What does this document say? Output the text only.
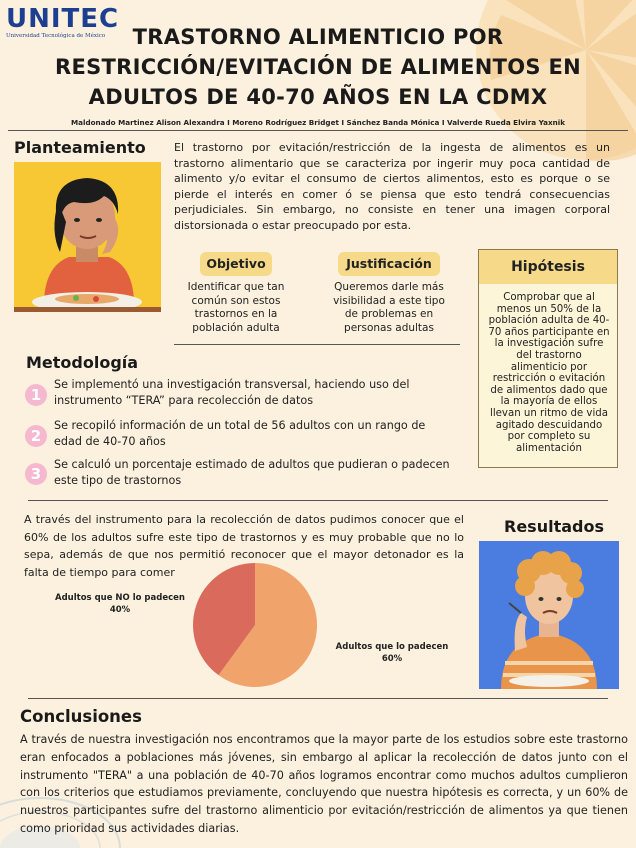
UNITEC
Universidad Tecnológica de México	TRASTORNO ALIMENTICIO POR
RESTRICCIÓN/EVITACIÓN DE ALIMENTOS EN
ADULTOS DE 40-70 AÑOS EN LA CDMX
Maldonado Martinez Alison Alexandra I Moreno Rodríguez Bridget I Sánchez Banda Mónica I Valverde Rueda Elvira Yaxnik
Planteamiento	El trastorno por evitación/restricción de la ingesta de alimentos es un trastorno alimentario que se caracteriza por ingerir muy poca cantidad de alimento y/o evitar el consumo de ciertos alimentos, esto es porque o se pierde el interés en comer ó se piensa que esto tendrá consecuencias perjudiciales. Sin embargo, no consiste en tener una imagen corporal distorsionada o estar preocupado por esta.
Objetivo
Identificar que tan común son estos trastornos en la población adulta
Justificación
Queremos darle más visibilidad a este tipo de problemas en personas adultas
Hipótesis
Comprobar que al menos un 50% de la población adulta de 40-70 años participante en la investigación sufre del trastorno alimenticio por restricción o evitación de alimentos dado que la mayoría de ellos llevan un ritmo de vida agitado descuidando por completo su alimentación
Metodología
1
Se implementó una investigación transversal, haciendo uso del instrumento “TERA” para recolección de datos
2
Se recopiló información de un total de 56 adultos con un rango de edad de 40-70 años
3
Se calculó un porcentaje estimado de adultos que pudieran o padecen este tipo de trastornos
A través del instrumento para la recolección de datos pudimos conocer que el 60% de los adultos sufre este tipo de trastornos y es muy probable que no lo sepa, además de que nos permitió reconocer que el mayor detonador es la falta de tiempo para comer
Resultados
Adultos que NO lo padecen
40%
Adultos que lo padecen
60%
Conclusiones
A través de nuestra investigación nos encontramos que la mayor parte de los estudios sobre este trastorno eran enfocados a poblaciones más jóvenes, sin embargo al aplicar la recolección de datos junto con el instrumento "TERA" a una población de 40-70 años logramos encontrar como muchos adultos cumplieron con los criterios que estudiamos previamente, concluyendo que nuestra hipótesis es correcta, y un 60% de nuestros participantes sufre del trastorno alimenticio por evitación/restricción de alimentos ya que tienen como prioridad sus actividades diarias.
